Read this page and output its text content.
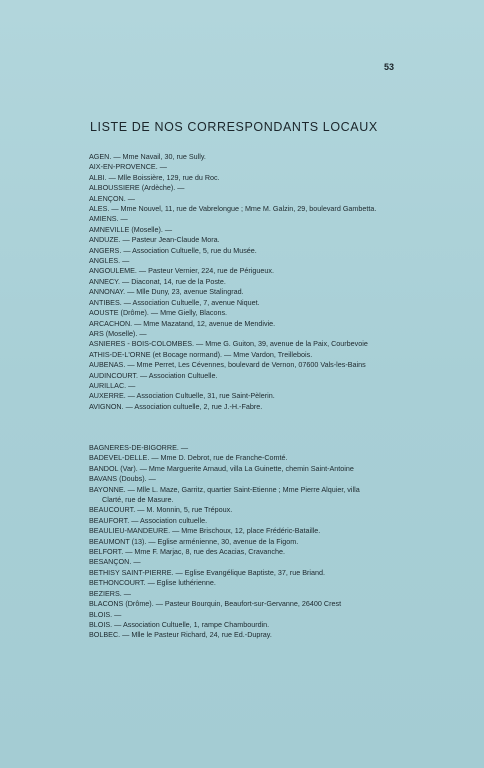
53
LISTE DE NOS CORRESPONDANTS LOCAUX
AGEN. — Mme Navail, 30, rue Sully.
AIX-EN-PROVENCE. —
ALBI. — Mlle Boissière, 129, rue du Roc.
ALBOUSSIERE (Ardèche). —
ALENÇON. —
ALES. — Mme Nouvel, 11, rue de Vabrelongue ; Mme M. Galzin, 29, boulevard Gambetta.
AMIENS. —
AMNEVILLE (Moselle). —
ANDUZE. — Pasteur Jean-Claude Mora.
ANGERS. — Association Cultuelle, 5, rue du Musée.
ANGLES. —
ANGOULEME. — Pasteur Vernier, 224, rue de Périgueux.
ANNECY. — Diaconat, 14, rue de la Poste.
ANNONAY. — Mlle Duny, 23, avenue Stalingrad.
ANTIBES. — Association Cultuelle, 7, avenue Niquet.
AOUSTE (Drôme). — Mme Gielly, Blacons.
ARCACHON. — Mme Mazatand, 12, avenue de Mendivie.
ARS (Moselle). —
ASNIERES - BOIS-COLOMBES. — Mme G. Guiton, 39, avenue de la Paix, Courbevoie
ATHIS-DE-L'ORNE (et Bocage normand). — Mme Vardon, Treillebois.
AUBENAS. — Mme Perret, Les Cévennes, boulevard de Vernon, 07600 Vals-les-Bains
AUDINCOURT. — Association Cultuelle.
AURILLAC. —
AUXERRE. — Association Cultuelle, 31, rue Saint-Pèlerin.
AVIGNON. — Association cultuelle, 2, rue J.-H.-Fabre.
BAGNERES-DE-BIGORRE. —
BADEVEL-DELLE. — Mme D. Debrot, rue de Franche-Comté.
BANDOL (Var). — Mme Marguerite Arnaud, villa La Guinette, chemin Saint-Antoine
BAVANS (Doubs). —
BAYONNE. — Mlle L. Maze, Garritz, quartier Saint-Etienne ; Mme Pierre Alquier, villa
Clarté, rue de Masure.
BEAUCOURT. — M. Monnin, 5, rue Trépoux.
BEAUFORT. — Association cultuelle.
BEAULIEU-MANDEURE. — Mme Brischoux, 12, place Frédéric-Bataille.
BEAUMONT (13). — Eglise arménienne, 30, avenue de la Figom.
BELFORT. — Mme F. Marjac, 8, rue des Acacias, Cravanche.
BESANÇON. —
BETHISY SAINT-PIERRE. — Eglise Evangélique Baptiste, 37, rue Briand.
BETHONCOURT. — Eglise luthérienne.
BEZIERS. —
BLACONS (Drôme). — Pasteur Bourquin, Beaufort-sur-Gervanne, 26400 Crest
BLOIS. —
BLOIS. — Association Cultuelle, 1, rampe Chambourdin.
BOLBEC. — Mlle le Pasteur Richard, 24, rue Ed.-Dupray.
